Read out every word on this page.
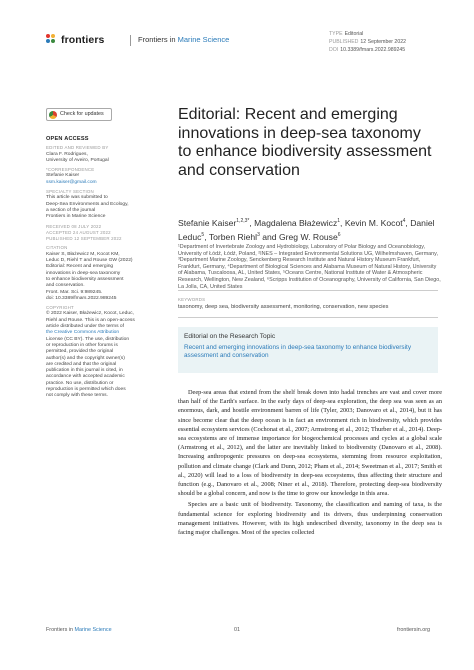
frontiers	Frontiers in Marine Science
TYPE Editorial
PUBLISHED 12 September 2022
DOI 10.3389/fmars.2022.989245
Check for updates
OPEN ACCESS
EDITED AND REVIEWED BY
Clara F. Rodrigues,
University of Aveiro, Portugal
*CORRESPONDENCE
Stefanie Kaiser
ssm.kaiser@gmail.com
SPECIALTY SECTION
This article was submitted to
Deep-Sea Environments and Ecology,
a section of the journal
Frontiers in Marine Science
RECEIVED 08 JULY 2022
ACCEPTED 24 AUGUST 2022
PUBLISHED 12 SEPTEMBER 2022
CITATION
Kaiser S, Błażewicz M, Kocot KM,
Leduc D, Riehl T and Rouse GW (2022)
Editorial: Recent and emerging
innovations in deep-sea taxonomy
to enhance biodiversity assessment
and conservation.
Front. Mar. Sci. 9:989245.
doi: 10.3389/fmars.2022.989245
COPYRIGHT
© 2022 Kaiser, Błażewicz, Kocot, Leduc,
Riehl and Rouse. This is an open-access
article distributed under the terms of
the Creative Commons Attribution
License (CC BY). The use, distribution
or reproduction in other forums is
permitted, provided the original
author(s) and the copyright owner(s)
are credited and that the original
publication in this journal is cited, in
accordance with accepted academic
practice. No use, distribution or
reproduction is permitted which does
not comply with these terms.
Editorial: Recent and emerging innovations in deep-sea taxonomy to enhance biodiversity assessment and conservation
Stefanie Kaiser$^{1,2,3*}$, Magdalena Błażewicz$^1$, Kevin M. Kocot$^4$, Daniel Leduc$^5$, Torben Riehl$^3$ and Greg W. Rouse$^6$
¹Department of Invertebrate Zoology and Hydrobiology, Laboratory of Polar Biology and Oceanobiology, University of Łódź, Łódź, Poland, ²INES – Integrated Environmental Solutions UG, Wilhelmshaven, Germany, ³Department Marine Zoology, Senckenberg Research Institute and Natural History Museum Frankfurt, Frankfurt, Germany, ⁴Department of Biological Sciences and Alabama Museum of Natural History, University of Alabama, Tuscaloosa, AL, United States, ⁵Oceans Centre, National Institute of Water & Atmospheric Research, Wellington, New Zealand, ⁶Scripps Institution of Oceanography, University of California, San Diego, La Jolla, CA, United States
KEYWORDS
taxonomy, deep sea, biodiversity assessment, monitoring, conservation, new species
Editorial on the Research Topic
Recent and emerging innovations in deep-sea taxonomy to enhance biodiversity assessment and conservation

Deep-sea areas that extend from the shelf break down into hadal trenches are vast and cover more than half of the Earth's surface. In the early days of deep-sea exploration, the deep sea was seen as an enormous, dark, and hostile environment barren of life (Tyler, 2003; Danovaro et al., 2014), but it has since become clear that the deep ocean is in fact an environment rich in biodiversity, which provides essential ecosystem services (Cochonat et al., 2007; Armstrong et al., 2012; Thurber et al., 2014). Deep-sea ecosystems are of immense importance for biogeochemical processes and cycles at a global scale (Armstrong et al., 2012), and the latter are inevitably linked to biodiversity (Danovaro et al., 2008). Increasing anthropogenic pressures on deep-sea ecosystems, stemming from resource exploitation, pollution and climate change (Clark and Dunn, 2012; Pham et al., 2014; Sweetman et al., 2017; Smith et al., 2020) will lead to a loss of biodiversity in deep-sea ecosystems, thus affecting their structure and function (e.g., Danovaro et al., 2008; Niner et al., 2018). Therefore, protecting deep-sea biodiversity should be a global concern, and now is the time to grow our knowledge in this area.

Species are a basic unit of biodiversity. Taxonomy, the classification and naming of taxa, is the fundamental science for exploring biodiversity and its drivers, thus underpinning conservation management initiatives. However, with its high undescribed diversity, taxonomy in the deep sea is facing major challenges. Most of the species collected

Frontiers in Marine Science	01	frontiersin.org
